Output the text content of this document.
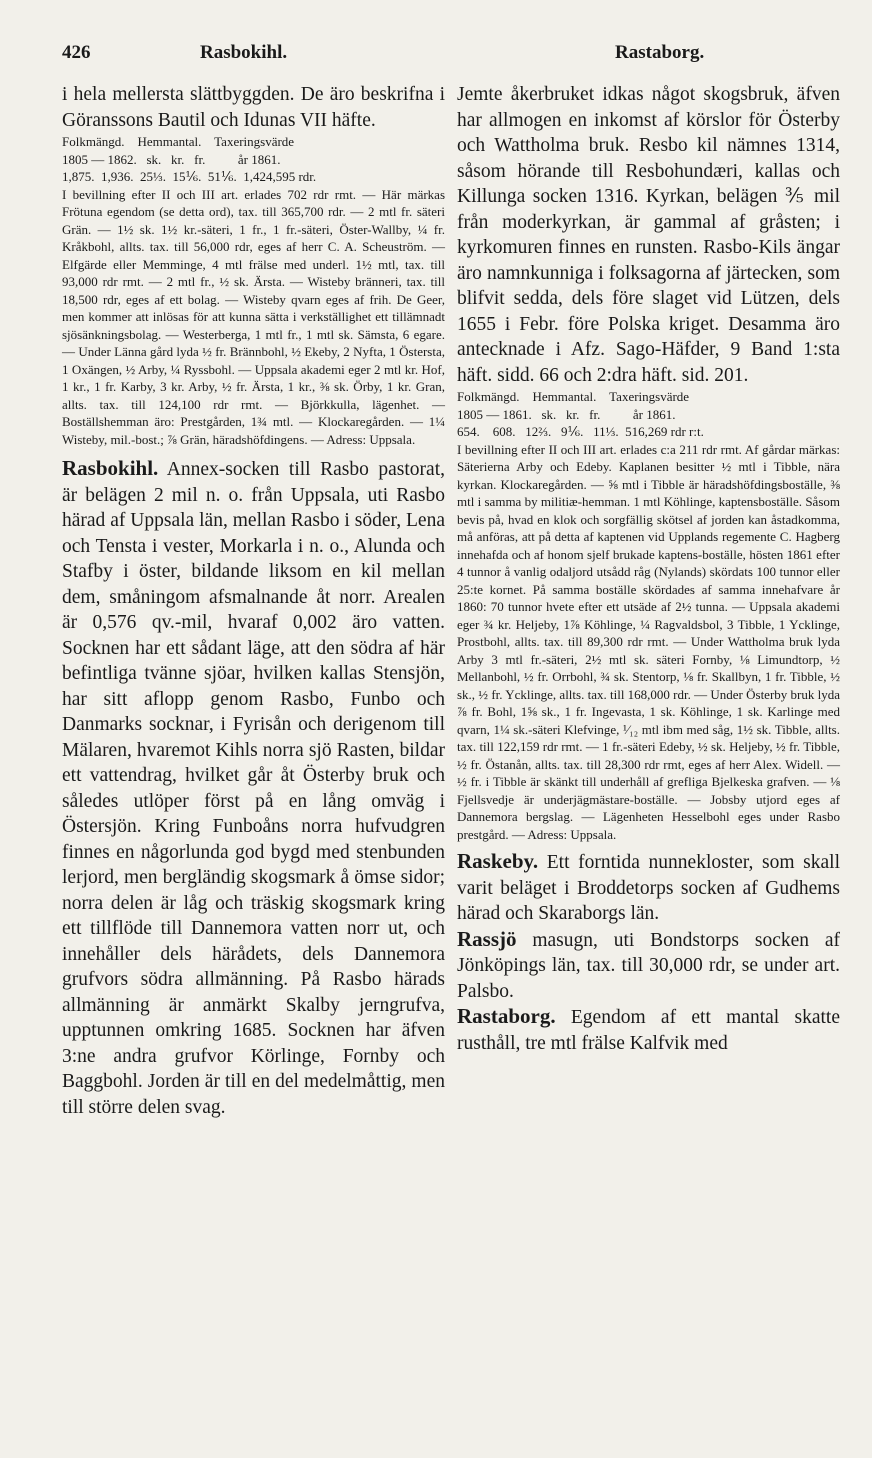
426	Rasbokihl.	Rastaborg.

i hela mellersta slättbyggden. De äro beskrifna i Göranssons Bautil och Idunas VII häfte.

Folkmängd.    Hemmantal.    Taxeringsvärde
1805 — 1862.   sk.   kr.   fr.          år 1861.
1,875.  1,936.  25⅓.  15⅙.  51⅙.  1,424,595 rdr.

I bevillning efter II och III art. erlades 702 rdr rmt. — Här märkas Frötuna egendom (se detta ord), tax. till 365,700 rdr. — 2 mtl fr. säteri Grän. — 1½ sk. 1½ kr.-säteri, 1 fr., 1 fr.-säteri, Öster-Wallby, ¼ fr. Kråkbohl, allts. tax. till 56,000 rdr, eges af herr C. A. Scheuström. — Elfgärde eller Memminge, 4 mtl frälse med underl. 1½ mtl, tax. till 93,000 rdr rmt. — 2 mtl fr., ½ sk. Ärsta. — Wisteby bränneri, tax. till 18,500 rdr, eges af ett bolag. — Wisteby qvarn eges af frih. De Geer, men kommer att inlösas för att kunna sätta i verkställighet ett tillämnadt sjösänkningsbolag. — Westerberga, 1 mtl fr., 1 mtl sk. Sämsta, 6 egare. — Under Länna gård lyda ½ fr. Brännbohl, ½ Ekeby, 2 Nyfta, 1 Östersta, 1 Oxängen, ½ Arby, ¼ Ryssbohl. — Uppsala akademi eger 2 mtl kr. Hof, 1 kr., 1 fr. Karby, 3 kr. Arby, ½ fr. Ärsta, 1 kr., ⅜ sk. Örby, 1 kr. Gran, allts. tax. till 124,100 rdr rmt. — Björkkulla, lägenhet. — Boställshemman äro: Prestgården, 1¾ mtl. — Klockaregården. — 1¼ Wisteby, mil.-bost.; ⅞ Grän, häradshöfdingens. — Adress: Uppsala.

Rasbokihl. Annex-socken till Rasbo pastorat, är belägen 2 mil n. o. från Uppsala, uti Rasbo härad af Uppsala län, mellan Rasbo i söder, Lena och Tensta i vester, Morkarla i n. o., Alunda och Stafby i öster, bildande liksom en kil mellan dem, småningom afsmalnande åt norr. Arealen är 0,576 qv.-mil, hvaraf 0,002 äro vatten. Socknen har ett sådant läge, att den södra af här befintliga tvänne sjöar, hvilken kallas Stensjön, har sitt aflopp genom Rasbo, Funbo och Danmarks socknar, i Fyrisån och derigenom till Mälaren, hvaremot Kihls norra sjö Rasten, bildar ett vattendrag, hvilket går åt Österby bruk och således utlöper först på en lång omväg i Östersjön. Kring Funboåns norra hufvudgren finnes en någorlunda god bygd med stenbunden lerjord, men bergländig skogsmark å ömse sidor; norra delen är låg och träskig skogsmark kring ett tillflöde till Dannemora vatten norr ut, och innehåller dels härådets, dels Dannemora grufvors södra allmänning. På Rasbo härads allmänning är anmärkt Skalby jerngrufva, upptunnen omkring 1685. Socknen har äfven 3:ne andra grufvor Körlinge, Fornby och Baggbohl. Jorden är till en del medelmåttig, men till större delen svag.

Jemte åkerbruket idkas något skogsbruk, äfven har allmogen en inkomst af körslor för Österby och Wattholma bruk. Resbo kil nämnes 1314, såsom hörande till Resbohundæri, kallas och Killunga socken 1316. Kyrkan, belägen ⅗ mil från moderkyrkan, är gammal af gråsten; i kyrkomuren finnes en runsten. Rasbo-Kils ängar äro namnkunniga i folksagorna af järtecken, som blifvit sedda, dels före slaget vid Lützen, dels 1655 i Febr. före Polska kriget. Desamma äro antecknade i Afz. Sago-Häfder, 9 Band 1:sta häft. sidd. 66 och 2:dra häft. sid. 201.

Folkmängd.    Hemmantal.    Taxeringsvärde
1805 — 1861.   sk.   kr.   fr.          år 1861.
654.    608.   12⅔.   9⅙.   11⅓.  516,269 rdr r:t.

I bevillning efter II och III art. erlades c:a 211 rdr rmt. Af gårdar märkas: Säterierna Arby och Edeby. Kaplanen besitter ½ mtl i Tibble, nära kyrkan. Klockaregården. — ⅝ mtl i Tibble är häradshöfdingsboställe, ⅜ mtl i samma by militiæ-hemman. 1 mtl Köhlinge, kaptensboställe. Såsom bevis på, hvad en klok och sorgfällig skötsel af jorden kan åstadkomma, må anföras, att på detta af kaptenen vid Upplands regemente C. Hagberg innehafda och af honom sjelf brukade kaptens-boställe, hösten 1861 efter 4 tunnor å vanlig odaljord utsådd råg (Nylands) skördats 100 tunnor eller 25:te kornet. På samma boställe skördades af samma innehafvare år 1860: 70 tunnor hvete efter ett utsäde af 2½ tunna. — Uppsala akademi eger ¾ kr. Heljeby, 1⅞ Köhlinge, ¼ Ragvaldsbol, 3 Tibble, 1 Ycklinge, Prostbohl, allts. tax. till 89,300 rdr rmt. — Under Wattholma bruk lyda Arby 3 mtl fr.-säteri, 2½ mtl sk. säteri Fornby, ⅛ Limundtorp, ½ Mellanbohl, ½ fr. Orrbohl, ¾ sk. Stentorp, ⅛ fr. Skallbyn, 1 fr. Tibble, ½ sk., ½ fr. Ycklinge, allts. tax. till 168,000 rdr. — Under Österby bruk lyda ⅞ fr. Bohl, 1⅝ sk., 1 fr. Ingevasta, 1 sk. Köhlinge, 1 sk. Karlinge med qvarn, 1¼ sk.-säteri Klefvinge, ¹⁄₁₂ mtl ibm med såg, 1½ sk. Tibble, allts. tax. till 122,159 rdr rmt. — 1 fr.-säteri Edeby, ½ sk. Heljeby, ½ fr. Tibble, ½ fr. Östanån, allts. tax. till 28,300 rdr rmt, eges af herr Alex. Widell. — ½ fr. i Tibble är skänkt till underhåll af grefliga Bjelkeska grafven. — ⅛ Fjellsvedje är underjägmästare-boställe. — Jobsby utjord eges af Dannemora bergslag. — Lägenheten Hesselbohl eges under Rasbo prestgård. — Adress: Uppsala.

Raskeby. Ett forntida nunnekloster, som skall varit beläget i Broddetorps socken af Gudhems härad och Skaraborgs län.

Rassjö masugn, uti Bondstorps socken af Jönköpings län, tax. till 30,000 rdr, se under art. Palsbo.

Rastaborg. Egendom af ett mantal skatte rusthåll, tre mtl frälse Kalfvik med
